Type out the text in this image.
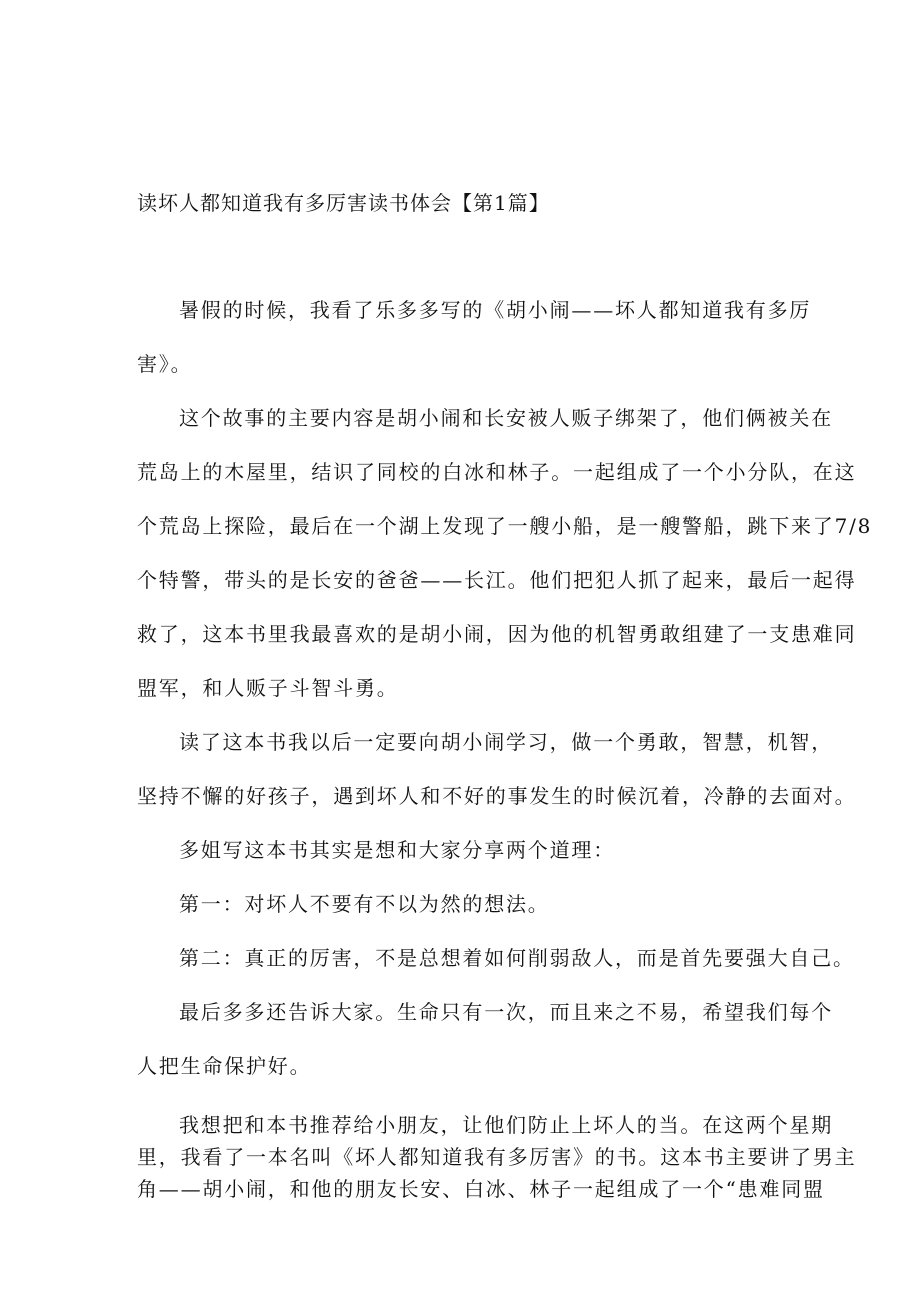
读坏人都知道我有多厉害读书体会【第1篇】

暑假的时候，我看了乐多多写的《胡小闹——坏人都知道我有多厉
害》。

这个故事的主要内容是胡小闹和长安被人贩子绑架了，他们俩被关在
荒岛上的木屋里，结识了同校的白冰和林子。一起组成了一个小分队，在这
个荒岛上探险，最后在一个湖上发现了一艘小船，是一艘警船，跳下来了7/8
个特警，带头的是长安的爸爸——长江。他们把犯人抓了起来，最后一起得
救了，这本书里我最喜欢的是胡小闹，因为他的机智勇敢组建了一支患难同
盟军，和人贩子斗智斗勇。

读了这本书我以后一定要向胡小闹学习，做一个勇敢，智慧，机智，
坚持不懈的好孩子，遇到坏人和不好的事发生的时候沉着，冷静的去面对。

多姐写这本书其实是想和大家分享两个道理：

第一：对坏人不要有不以为然的想法。

第二：真正的厉害，不是总想着如何削弱敌人，而是首先要强大自己。

最后多多还告诉大家。生命只有一次，而且来之不易，希望我们每个
人把生命保护好。

我想把和本书推荐给小朋友，让他们防止上坏人的当。在这两个星期
里，我看了一本名叫《坏人都知道我有多厉害》的书。这本书主要讲了男主
角——胡小闹，和他的朋友长安、白冰、林子一起组成了一个“患难同盟
